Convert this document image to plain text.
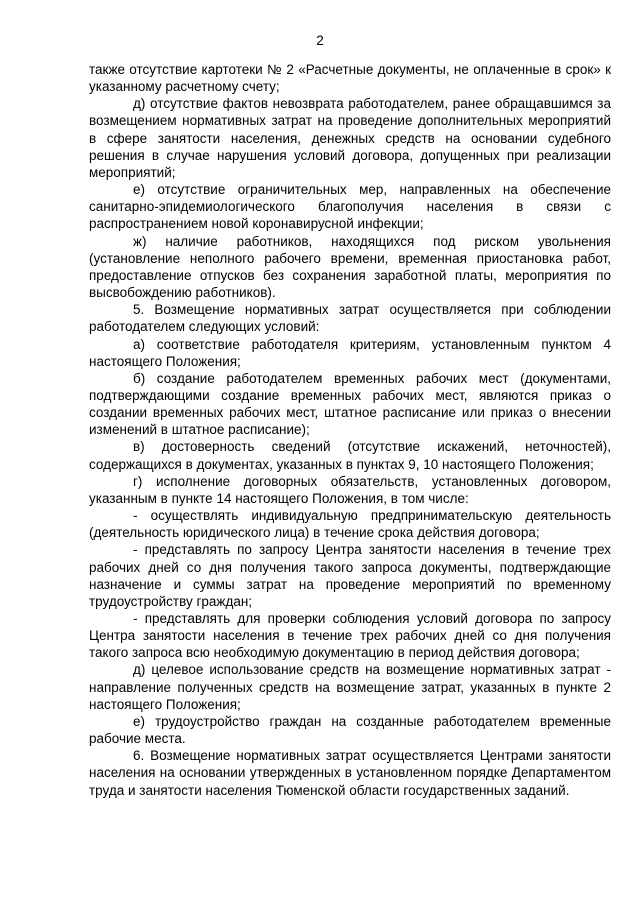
2

также отсутствие картотеки № 2 «Расчетные документы, не оплаченные в срок» к указанному расчетному счету;

д) отсутствие фактов невозврата работодателем, ранее обращавшимся за возмещением нормативных затрат на проведение дополнительных мероприятий в сфере занятости населения, денежных средств на основании судебного решения в случае нарушения условий договора, допущенных при реализации мероприятий;

е) отсутствие ограничительных мер, направленных на обеспечение санитарно-эпидемиологического благополучия населения в связи с распространением новой коронавирусной инфекции;

ж) наличие работников, находящихся под риском увольнения (установление неполного рабочего времени, временная приостановка работ, предоставление отпусков без сохранения заработной платы, мероприятия по высвобождению работников).

5. Возмещение нормативных затрат осуществляется при соблюдении работодателем следующих условий:

а) соответствие работодателя критериям, установленным пунктом 4 настоящего Положения;

б) создание работодателем временных рабочих мест (документами, подтверждающими создание временных рабочих мест, являются приказ о создании временных рабочих мест, штатное расписание или приказ о внесении изменений в штатное расписание);

в) достоверность сведений (отсутствие искажений, неточностей), содержащихся в документах, указанных в пунктах 9, 10 настоящего Положения;

г) исполнение договорных обязательств, установленных договором, указанным в пункте 14 настоящего Положения, в том числе:

- осуществлять индивидуальную предпринимательскую деятельность (деятельность юридического лица) в течение срока действия договора;

- представлять по запросу Центра занятости населения в течение трех рабочих дней со дня получения такого запроса документы, подтверждающие назначение и суммы затрат на проведение мероприятий по временному трудоустройству граждан;

- представлять для проверки соблюдения условий договора по запросу Центра занятости населения в течение трех рабочих дней со дня получения такого запроса всю необходимую документацию в период действия договора;

д) целевое использование средств на возмещение нормативных затрат - направление полученных средств на возмещение затрат, указанных в пункте 2 настоящего Положения;

е) трудоустройство граждан на созданные работодателем временные рабочие места.

6. Возмещение нормативных затрат осуществляется Центрами занятости населения на основании утвержденных в установленном порядке Департаментом труда и занятости населения Тюменской области государственных заданий.
